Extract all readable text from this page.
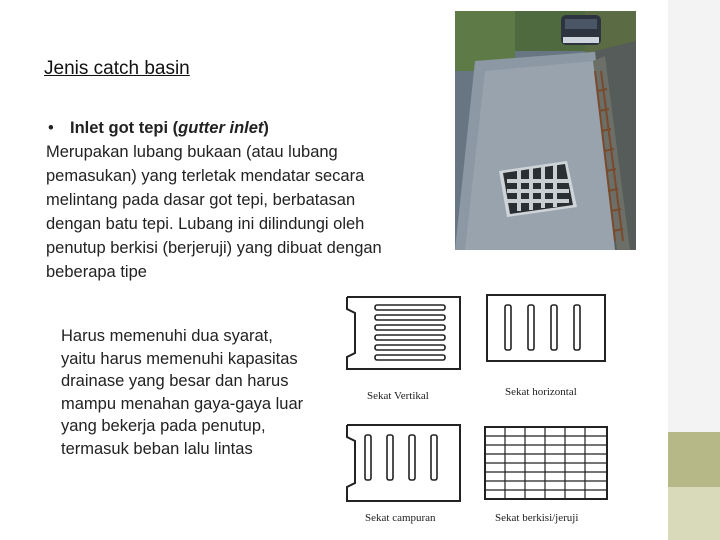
Jenis catch basin
• Inlet got tepi (gutter inlet)
Merupakan lubang bukaan (atau lubang pemasukan) yang terletak mendatar secara melintang pada dasar got tepi, berbatasan dengan batu tepi. Lubang ini dilindungi oleh penutup berkisi (berjeruji) yang dibuat dengan beberapa tipe
Harus memenuhi dua syarat, yaitu harus memenuhi kapasitas drainase yang besar dan harus mampu menahan gaya-gaya luar yang bekerja pada penutup, termasuk beban lalu lintas
Sekat Vertikal	Sekat horizontal
Sekat campuran	Sekat berkisi/jeruji
